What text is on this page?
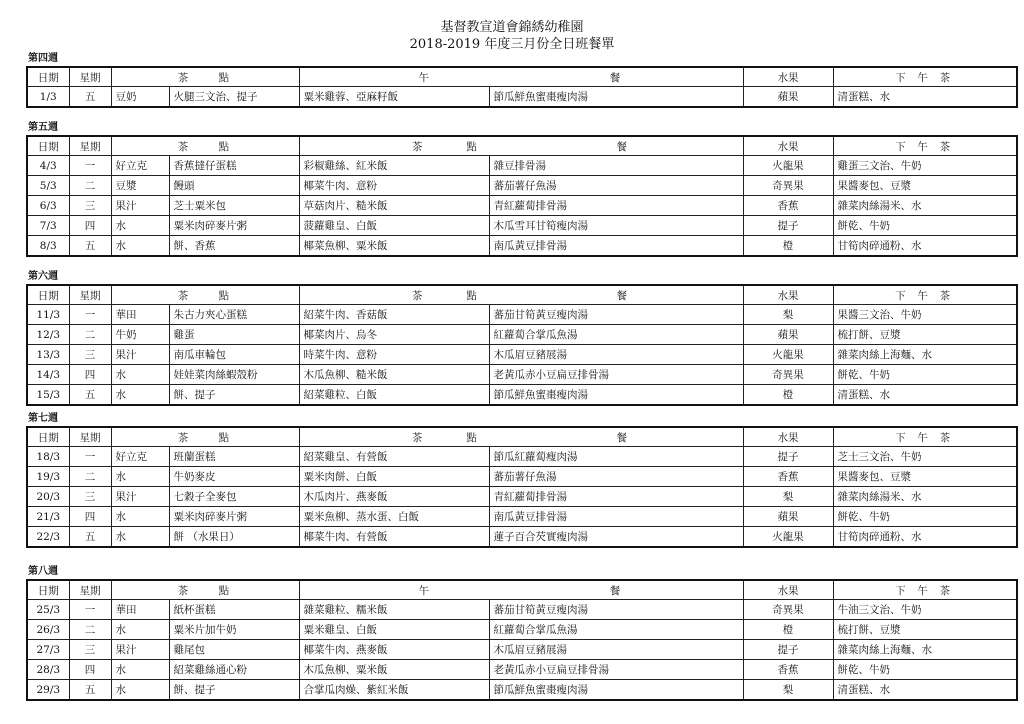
基督教宣道會錦綉幼稚園
2018-2019 年度三月份全日班餐單
第四週
日期	星期	茶　　點		午　　　　　　　　　　　　　餐		水果	下 午 茶
1/3	五	豆奶	火腿三文治、提子	粟米雞蓉、亞麻籽飯	節瓜鮮魚蜜棗瘦肉湯	蘋果	清蛋糕、水
第五週
日期	星期	茶　　點		茶　　　點　　　　　　　　　　餐		水果	下 午 茶
4/3	一	好立克	香蕉撻仔蛋糕	彩椒雞絲、紅米飯	雜豆排骨湯	火龍果	雞蛋三文治、牛奶
5/3	二	豆漿	饅頭	椰菜牛肉、意粉	蕃茄薯仔魚湯	奇異果	果醬麥包、豆漿
6/3	三	果汁	芝士粟米包	草菇肉片、糙米飯	青紅蘿蔔排骨湯	香蕉	雜菜肉絲湯米、水
7/3	四	水	粟米肉碎麥片粥	菠蘿雞皇、白飯	木瓜雪耳甘筍瘦肉湯	提子	餅乾、牛奶
8/3	五	水	餅、香蕉	椰菜魚柳、粟米飯	南瓜黃豆排骨湯	橙	甘筍肉碎通粉、水
第六週
日期	星期	茶　　點		茶　　　點　　　　　　　　　　餐		水果	下 午 茶
11/3	一	華田	朱古力夾心蛋糕	紹菜牛肉、香菇飯	蕃茄甘筍黃豆瘦肉湯	梨	果醬三文治、牛奶
12/3	二	牛奶	雞蛋	椰菜肉片、烏冬	紅蘿蔔合掌瓜魚湯	蘋果	梳打餅、豆漿
13/3	三	果汁	南瓜車輪包	時菜牛肉、意粉	木瓜眉豆豬展湯	火龍果	雜菜肉絲上海麵、水
14/3	四	水	娃娃菜肉絲蝦殼粉	木瓜魚柳、糙米飯	老黃瓜赤小豆扁豆排骨湯	奇異果	餅乾、牛奶
15/3	五	水	餅、提子	紹菜雞粒、白飯	節瓜鮮魚蜜棗瘦肉湯	橙	清蛋糕、水
第七週
日期	星期	茶　　點		茶　　　點　　　　　　　　　　餐		水果	下 午 茶
18/3	一	好立克	班蘭蛋糕	紹菜雞皇、有營飯	節瓜紅蘿蔔瘦肉湯	提子	芝士三文治、牛奶
19/3	二	水	牛奶麥皮	粟米肉餅、白飯	蕃茄薯仔魚湯	香蕉	果醬麥包、豆漿
20/3	三	果汁	七穀子全麥包	木瓜肉片、燕麥飯	青紅蘿蔔排骨湯	梨	雜菜肉絲湯米、水
21/3	四	水	粟米肉碎麥片粥	粟米魚柳、蒸水蛋、白飯	南瓜黃豆排骨湯	蘋果	餅乾、牛奶
22/3	五	水	餅 （水果日）	椰菜牛肉、有營飯	蓮子百合芡實瘦肉湯	火龍果	甘筍肉碎通粉、水
第八週
日期	星期	茶　　點		午　　　　　　　　　　　　　餐		水果	下 午 茶
25/3	一	華田	紙杯蛋糕	雜菜雞粒、糯米飯	蕃茄甘筍黃豆瘦肉湯	奇異果	牛油三文治、牛奶
26/3	二	水	粟米片加牛奶	粟米雞皇、白飯	紅蘿蔔合掌瓜魚湯	橙	梳打餅、豆漿
27/3	三	果汁	雞尾包	椰菜牛肉、燕麥飯	木瓜眉豆豬展湯	提子	雜菜肉絲上海麵、水
28/3	四	水	紹菜雞絲通心粉	木瓜魚柳、粟米飯	老黃瓜赤小豆扁豆排骨湯	香蕉	餅乾、牛奶
29/3	五	水	餅、提子	合掌瓜肉燥、紫紅米飯	節瓜鮮魚蜜棗瘦肉湯	梨	清蛋糕、水
